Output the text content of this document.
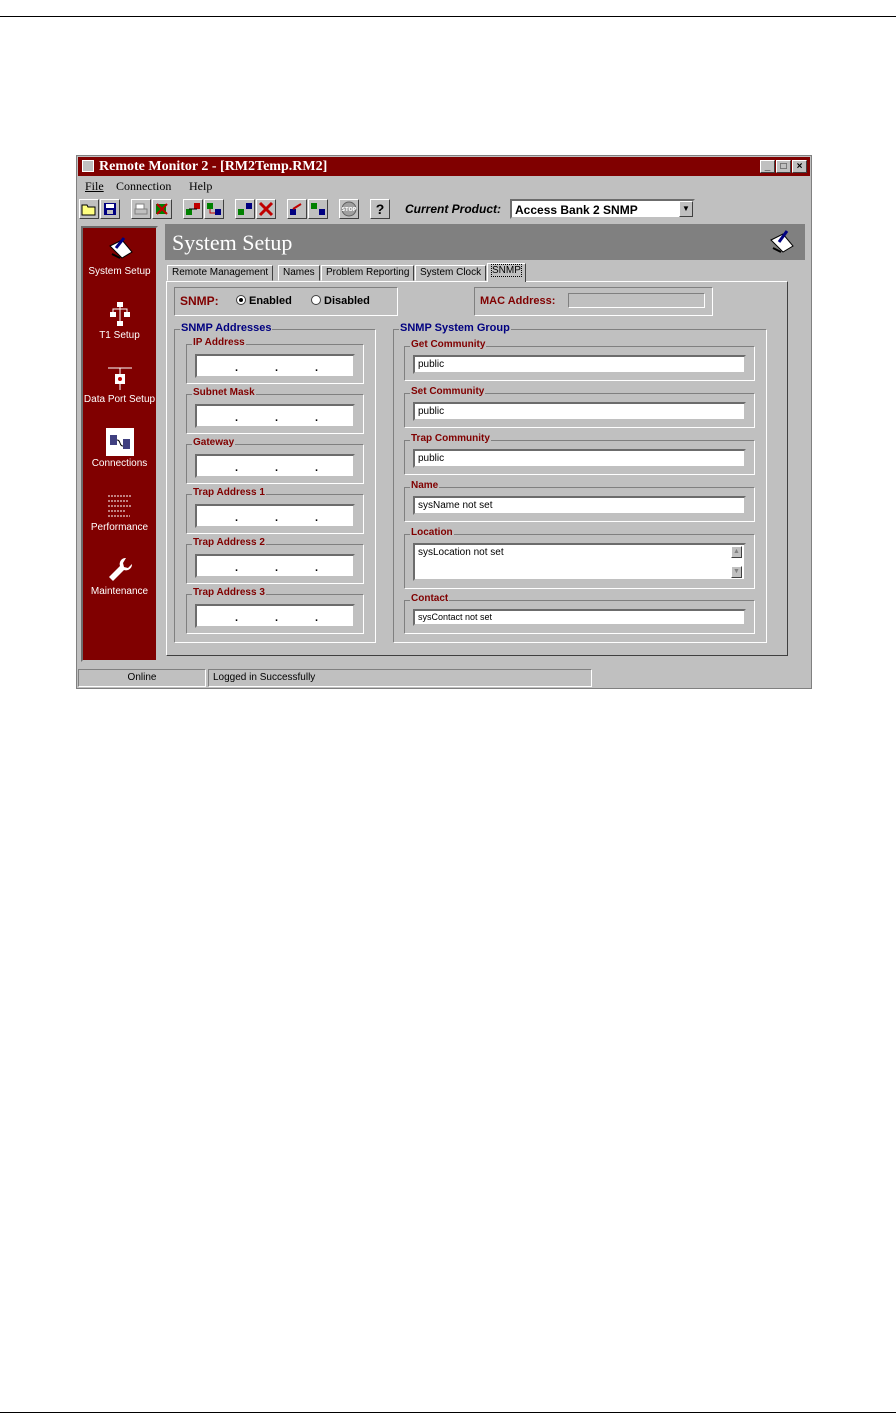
Remote Monitor 2 - [RM2Temp.RM2]	_	□	×
File Connection Help
STOP	?	Current Product:	Access Bank 2 SNMP	▼
System Setup
T1 Setup
Data Port Setup
Connections
Performance
Maintenance
System Setup
Remote Management	Names	Problem Reporting	System Clock	SNMP
SNMP:	Enabled	Disabled	MAC Address:
SNMP Addresses
IP Address
.	.	.
Subnet Mask
.	.	.
Gateway
.	.	.
Trap Address 1
.	.	.
Trap Address 2
.	.	.
Trap Address 3
.	.	.
SNMP System Group
Get Community
public
Set Community
public
Trap Community
public
Name
sysName not set
Location
sysLocation not set	▲
▼
Contact
sysContact not set
Online	Logged in Successfully
